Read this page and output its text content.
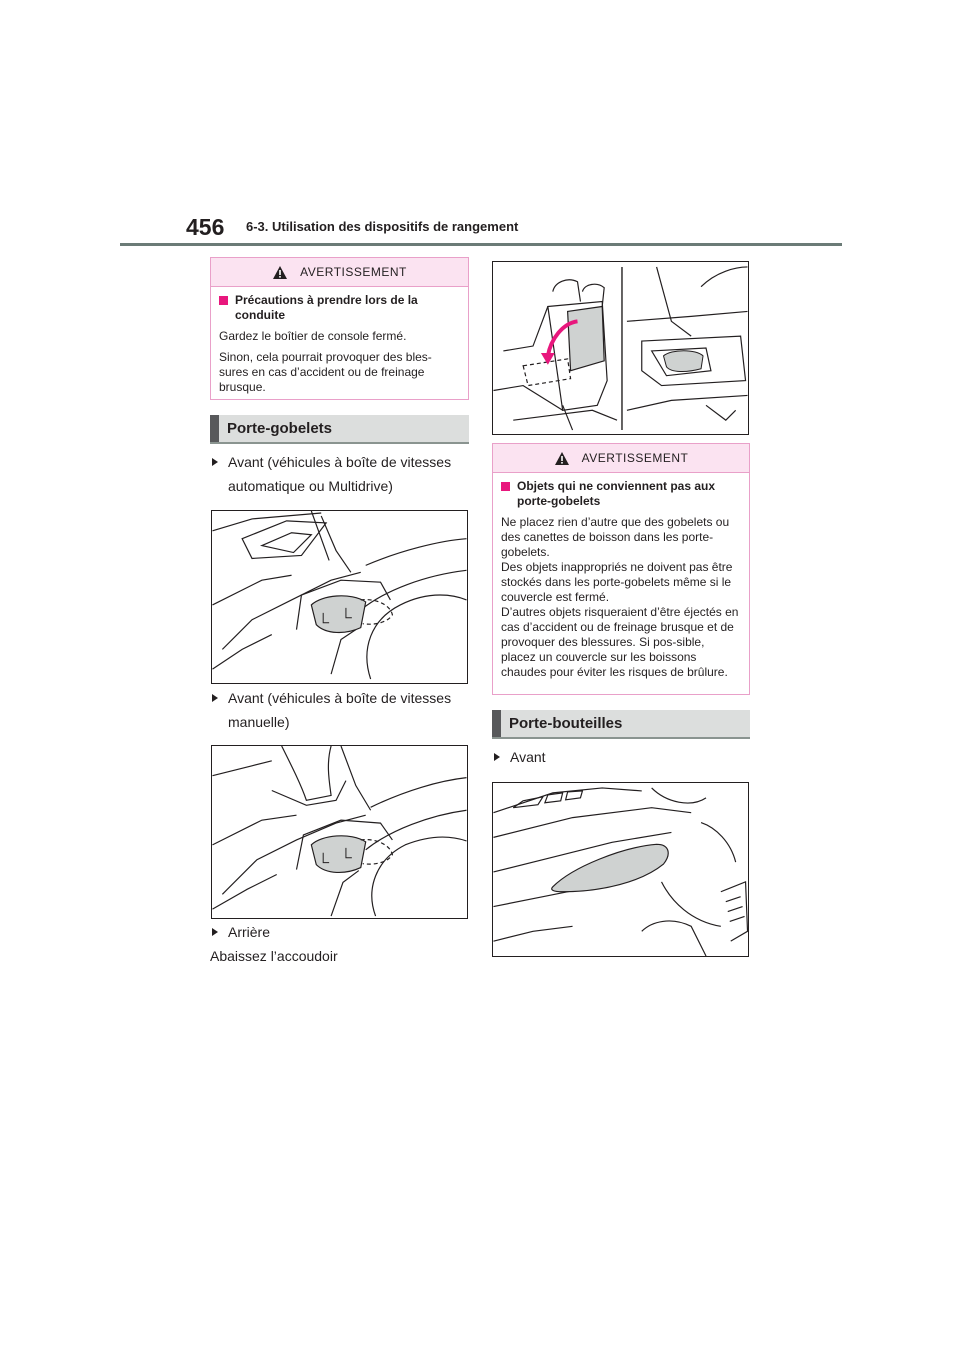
456 6-3. Utilisation des dispositifs de rangement
AVERTISSEMENT
Précautions à prendre lors de la conduite

Gardez le boîtier de console fermé.

Sinon, cela pourrait provoquer des bles-sures en cas d’accident ou de freinage brusque.

Porte-gobelets
Avant (véhicules à boîte de vitesses automatique ou Multidrive)
Avant (véhicules à boîte de vitesses manuelle)
Arrière
Abaissez l’accoudoir
AVERTISSEMENT
Objets qui ne conviennent pas aux porte-gobelets

Ne placez rien d’autre que des gobelets ou des canettes de boisson dans les porte-gobelets.

Des objets inappropriés ne doivent pas être stockés dans les porte-gobelets même si le couvercle est fermé.

D’autres objets risqueraient d’être éjectés en cas d’accident ou de freinage brusque et de provoquer des blessures. Si pos-sible, placez un couvercle sur les boissons chaudes pour éviter les risques de brûlure.

Porte-bouteilles
Avant
